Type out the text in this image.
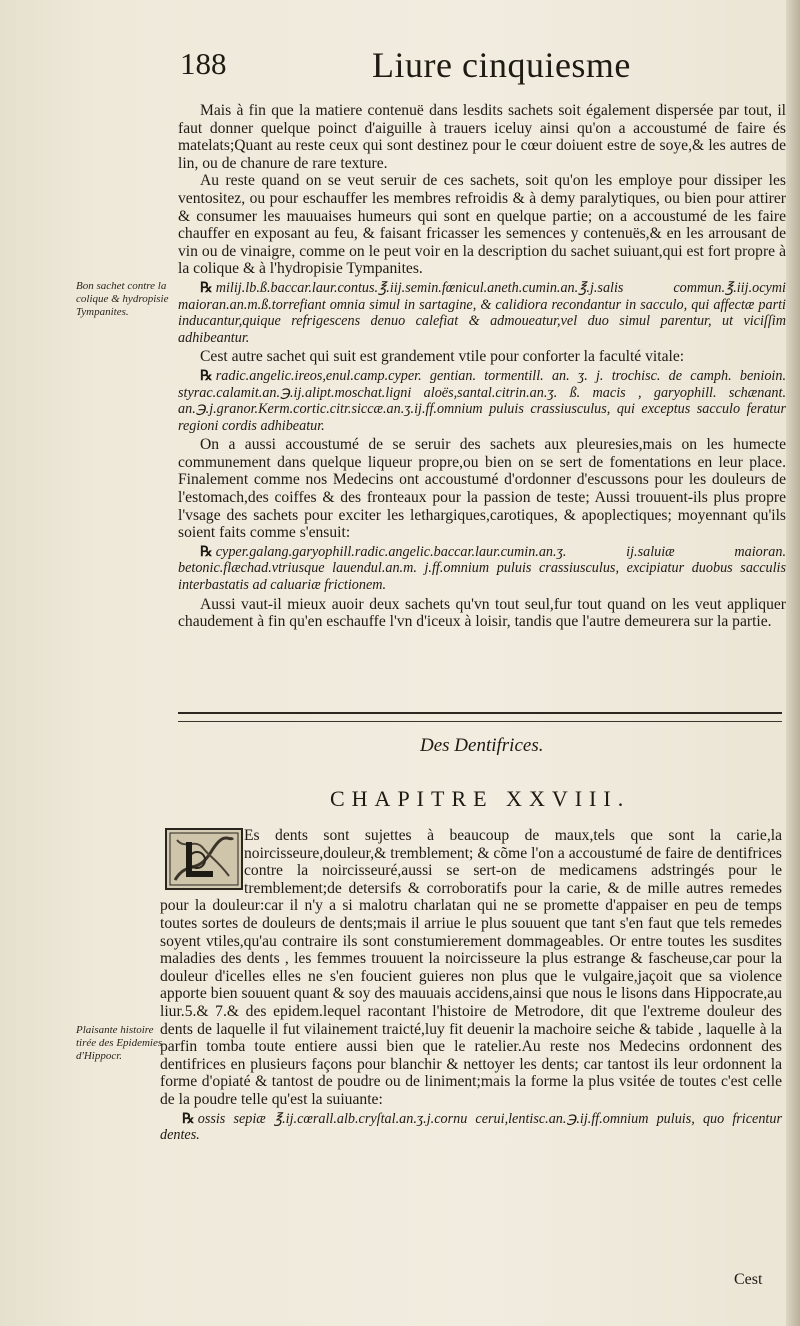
188	Liure cinquiesme

Mais à fin que la matiere contenuë dans lesdits sachets soit également dispersée par tout, il faut donner quelque poinct d'aiguille à trauers iceluy ainsi qu'on a accoustumé de faire és matelats;Quant au reste ceux qui sont destinez pour le cœur doiuent estre de soye,& les autres de lin, ou de chanure de rare texture.

Au reste quand on se veut seruir de ces sachets, soit qu'on les employe pour dissiper les ventositez, ou pour eschauffer les membres refroidis & à demy paralytiques, ou bien pour attirer & consumer les mauuaises humeurs qui sont en quelque partie; on a accoustumé de les faire chauffer en exposant au feu, & faisant fricasser les semences y contenuës,& en les arrousant de vin ou de vinaigre, comme on le peut voir en la description du sachet suiuant,qui est fort propre à la colique & à l'hydropisie Tympanites.

℞ milij.lb.ß.baccar.laur.contus.℥.iij.semin.fœnicul.aneth.cumin.an.℥.j.salis commun.℥.iij.ocymi maioran.an.m.ß.torrefiant omnia simul in sartagine, & calidiora recondantur in sacculo, qui affectæ parti inducantur,quique refrigescens denuo calefiat & admoueatur,vel duo simul parentur, ut viciſſim adhibeantur.

Cest autre sachet qui suit est grandement vtile pour conforter la faculté vitale:

℞ radic.angelic.ireos,enul.camp.cyper. gentian. tormentill. an. ʒ. j. trochisc. de camph. benioin. styrac.calamit.an.℈.ij.alipt.moschat.ligni aloës,santal.citrin.an.ʒ. ß. macis , garyophill. schænant. an.℈.j.granor.Kerm.cortic.citr.siccæ.an.ʒ.ij.ff.omnium puluis crassiusculus, qui exceptus sacculo feratur regioni cordis adhibeatur.

On a aussi accoustumé de se seruir des sachets aux pleuresies,mais on les humecte communement dans quelque liqueur propre,ou bien on se sert de fomentations en leur place. Finalement comme nos Medecins ont accoustumé d'ordonner d'escussons pour les douleurs de l'estomach,des coiffes & des fronteaux pour la passion de teste; Aussi trouuent-ils plus propre l'vsage des sachets pour exciter les lethargiques,carotiques, & apoplectiques; moyennant qu'ils soient faits comme s'ensuit:

℞ cyper.galang.garyophill.radic.angelic.baccar.laur.cumin.an.ʒ. ij.saluiæ maioran. betonic.flæchad.vtriusque lauendul.an.m. j.ff.omnium puluis crassiusculus, excipiatur duobus sacculis interbastatis ad caluariæ frictionem.

Aussi vaut-il mieux auoir deux sachets qu'vn tout seul,fur tout quand on les veut appliquer chaudement à fin qu'en eschauffe l'vn d'iceux à loisir, tandis que l'autre demeurera sur la partie.

Bon sachet contre la colique & hydropisie Tympanites.
Des Dentifrices.
CHAPITRE XXVIII.

Es dents sont sujettes à beaucoup de maux,tels que sont la carie,la noircisseure,douleur,& tremblement; & cõme l'on a accoustumé de faire de dentifrices contre la noircisseuré,aussi se sert-on de medicamens adstringés pour le tremblement;de detersifs & corroboratifs pour la carie, & de mille autres remedes pour la douleur:car il n'y a si malotru charlatan qui ne se promette d'appaiser en peu de temps toutes sortes de douleurs de dents;mais il arriue le plus souuent que tant s'en faut que tels remedes soyent vtiles,qu'au contraire ils sont constumierement dommageables. Or entre toutes les susdites maladies des dents , les femmes trouuent la noircisseure la plus estrange & fascheuse,car pour la douleur d'icelles elles ne s'en foucient guieres non plus que le vulgaire,jaçoit que sa violence apporte bien souuent quant & soy des mauuais accidens,ainsi que nous le lisons dans Hippocrate,au liur.5.& 7.& des epidem.lequel racontant l'histoire de Metrodore, dit que l'extreme douleur des dents de laquelle il fut vilainement traicté,luy fit deuenir la machoire seiche & tabide , laquelle à la parfin tomba toute entiere aussi bien que le ratelier.Au reste nos Medecins ordonnent des dentifrices en plusieurs façons pour blanchir & nettoyer les dents; car tantost ils leur ordonnent la forme d'opiaté & tantost de poudre ou de liniment;mais la forme la plus vsitée de toutes c'est celle de la poudre telle qu'est la suiuante:

℞ ossis sepiæ ℥.ij.cœrall.alb.cryſtal.an.ʒ.j.cornu cerui,lentisc.an.℈.ij.ff.omnium puluis, quo fricentur dentes.

Plaisante histoire tirée des Epidemies d'Hippocr.
Cest
